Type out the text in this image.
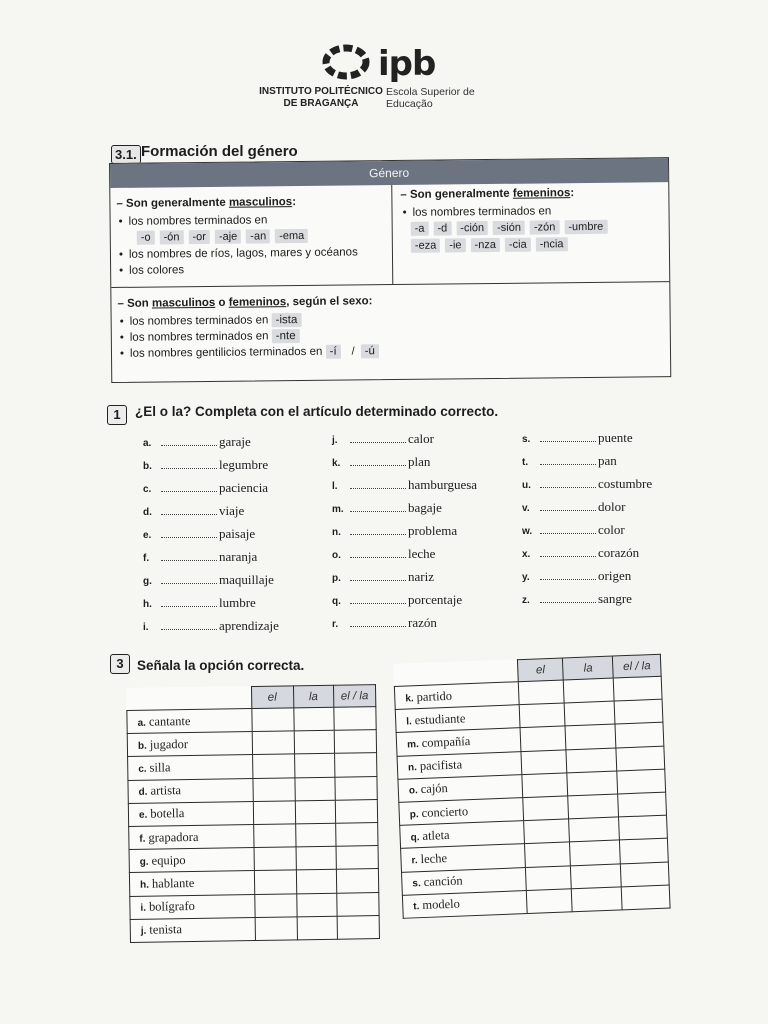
ipb
INSTITUTO POLITÉCNICO DE BRAGANÇA
Escola Superior de Educação
3.1. Formación del género
Género
– Son generalmente masculinos:
• los nombres terminados en
-o -ón -or -aje -an -ema
• los nombres de ríos, lagos, mares y océanos
• los colores
– Son generalmente femeninos:
• los nombres terminados en
-a -d -ción -sión -zón -umbre
-eza -ie -nza -cia -ncia
– Son masculinos o femeninos, según el sexo:
• los nombres terminados en -ista
• los nombres terminados en -nte
• los nombres gentilicios terminados en -í / -ú
1	¿El o la? Completa con el artículo determinado correcto.
a.	garaje
b.	legumbre
c.	paciencia
d.	viaje
e.	paisaje
f.	naranja
g.	maquillaje
h.	lumbre
i.	aprendizaje
j.	calor
k.	plan
l.	hamburguesa
m.	bagaje
n.	problema
o.	leche
p.	nariz
q.	porcentaje
r.	razón
s.	puente
t.	pan
u.	costumbre
v.	dolor
w.	color
x.	corazón
y.	origen
z.	sangre
3 Señala la opción correcta.
	el	la	el / la
a. cantante			
b. jugador			
c. silla			
d. artista			
e. botella			
f. grapadora			
g. equipo			
h. hablante			
i. bolígrafo			
j. tenista			
	el	la	el / la
k. partido			
l. estudiante			
m. compañía			
n. pacifista			
o. cajón			
p. concierto			
q. atleta			
r. leche			
s. canción			
t. modelo			
